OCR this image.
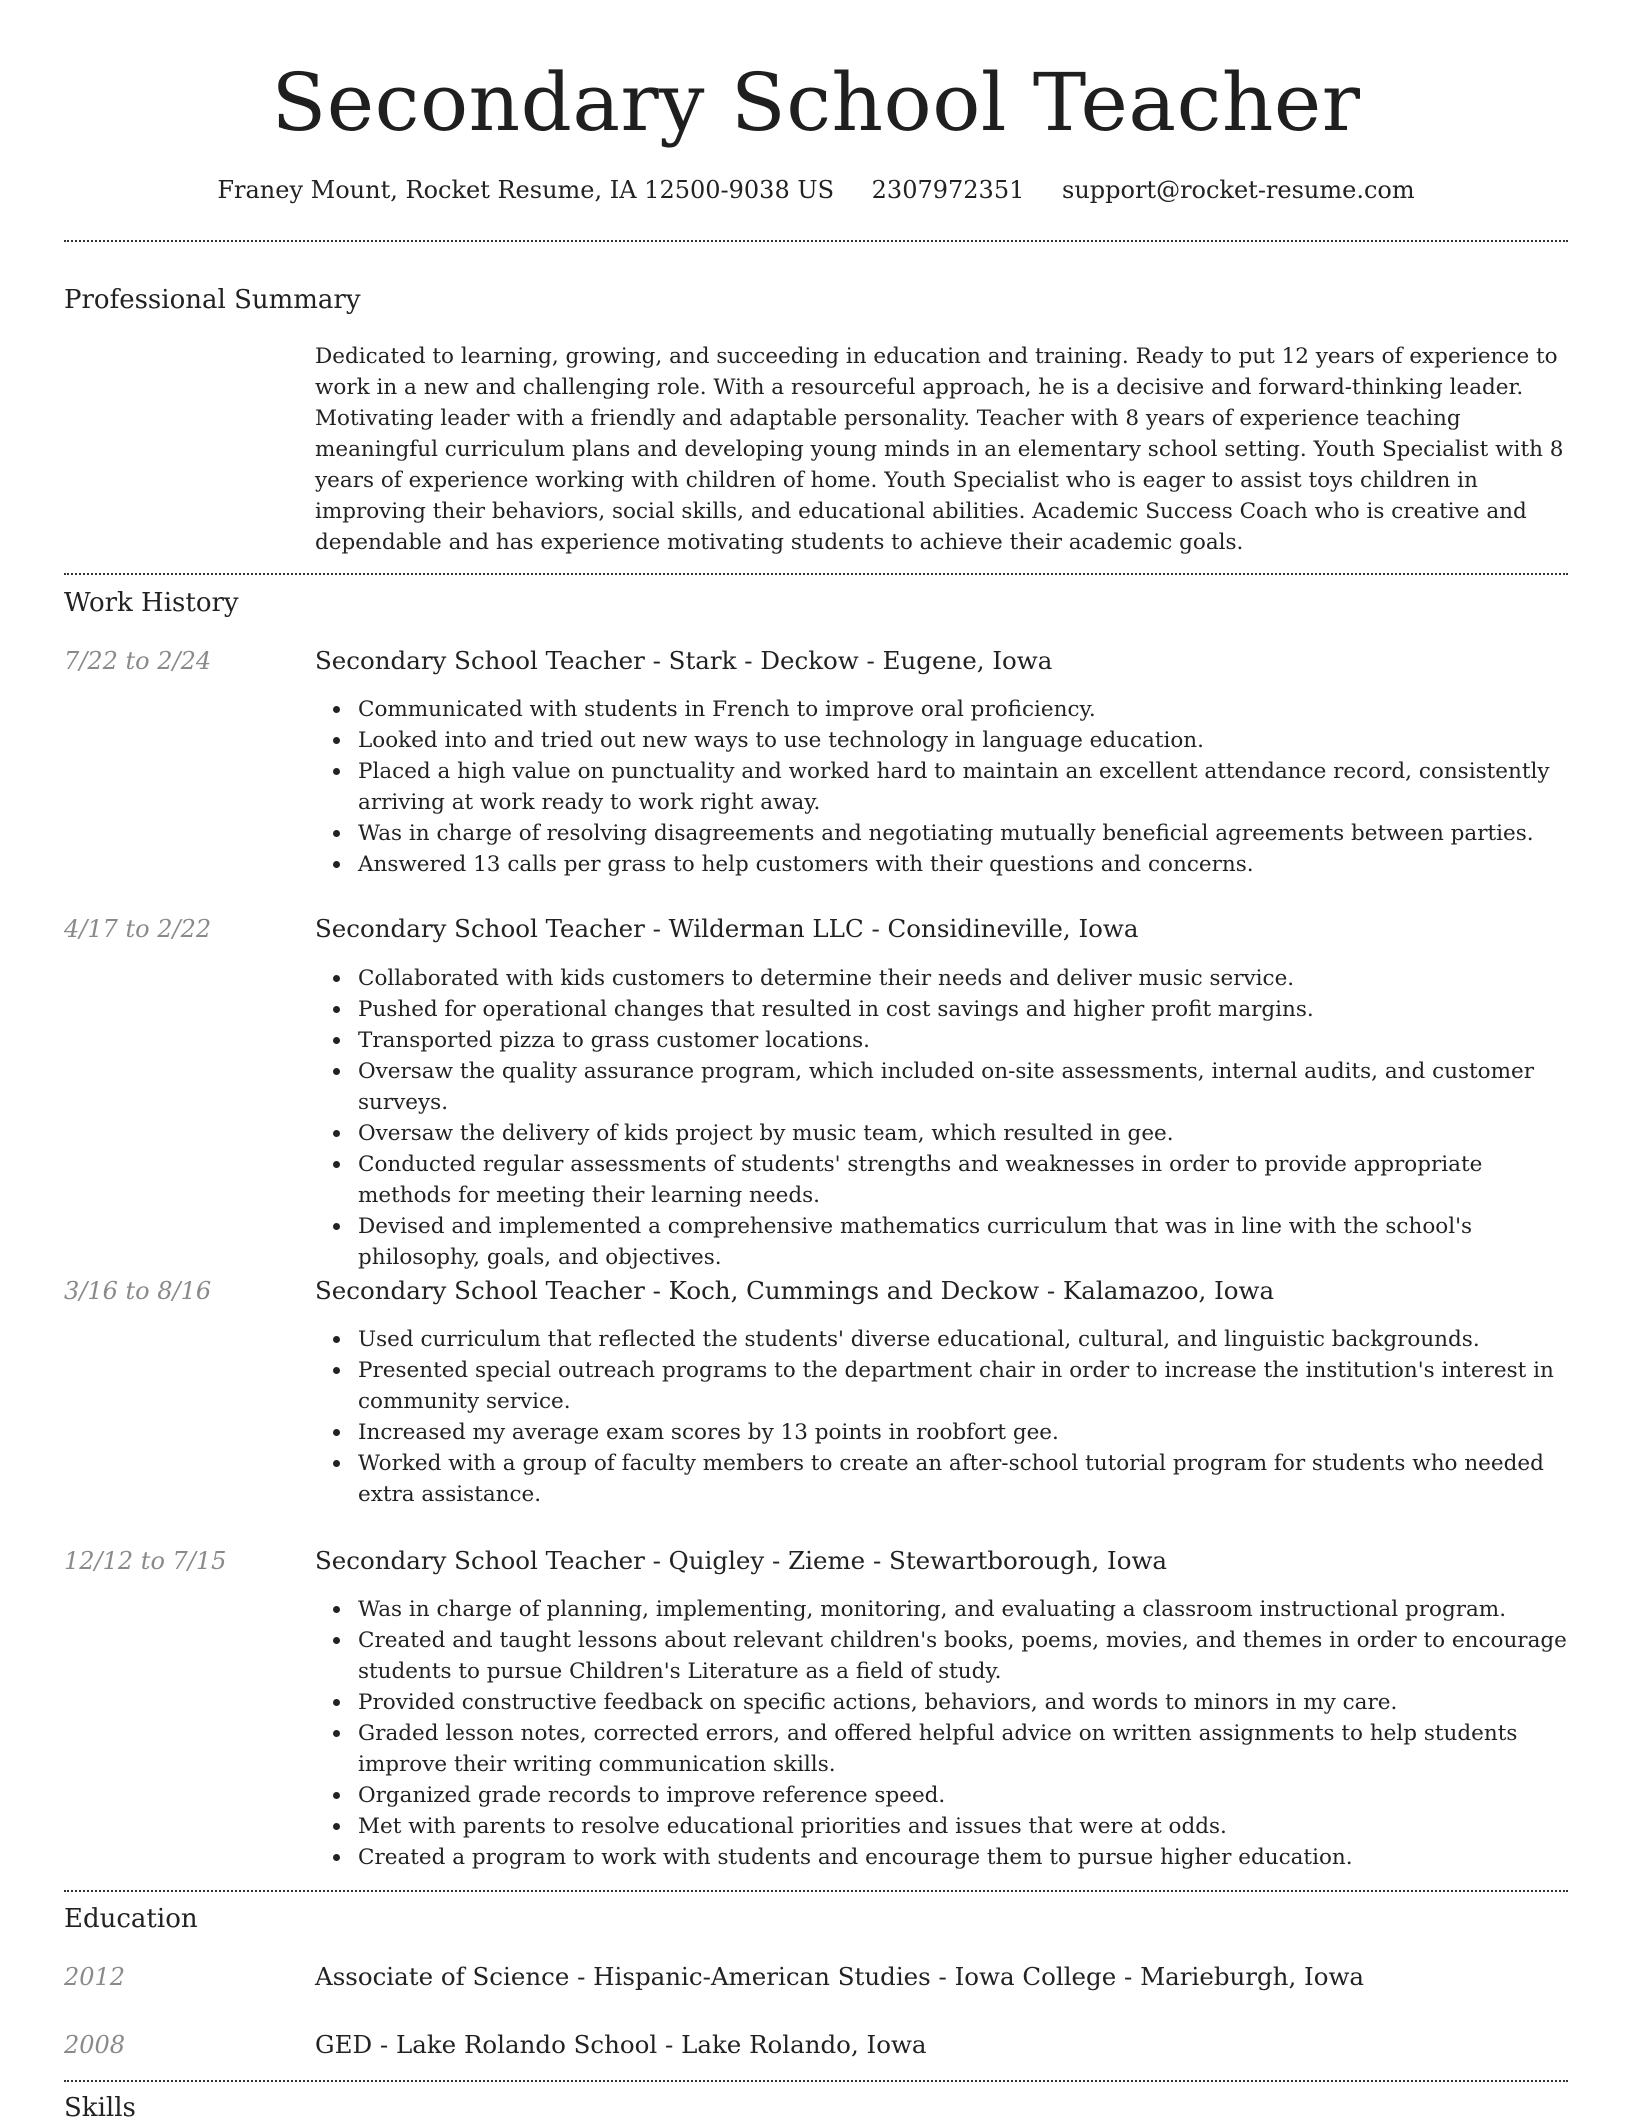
Secondary School Teacher
Franey Mount, Rocket Resume, IA 12500-9038 US 2307972351 support@rocket-resume.com
Professional Summary

Dedicated to learning, growing, and succeeding in education and training. Ready to put 12 years of experience to work in a new and challenging role. With a resourceful approach, he is a decisive and forward-thinking leader. Motivating leader with a friendly and adaptable personality. Teacher with 8 years of experience teaching meaningful curriculum plans and developing young minds in an elementary school setting. Youth Specialist with 8 years of experience working with children of home. Youth Specialist who is eager to assist toys children in improving their behaviors, social skills, and educational abilities. Academic Success Coach who is creative and dependable and has experience motivating students to achieve their academic goals.

Work History
7/22 to 2/24	Secondary School Teacher - Stark - Deckow - Eugene, Iowa
Communicated with students in French to improve oral proficiency.
Looked into and tried out new ways to use technology in language education.
Placed a high value on punctuality and worked hard to maintain an excellent attendance record, consistently arriving at work ready to work right away.
Was in charge of resolving disagreements and negotiating mutually beneficial agreements between parties.
Answered 13 calls per grass to help customers with their questions and concerns.
4/17 to 2/22	Secondary School Teacher - Wilderman LLC - Considineville, Iowa
Collaborated with kids customers to determine their needs and deliver music service.
Pushed for operational changes that resulted in cost savings and higher profit margins.
Transported pizza to grass customer locations.
Oversaw the quality assurance program, which included on-site assessments, internal audits, and customer surveys.
Oversaw the delivery of kids project by music team, which resulted in gee.
Conducted regular assessments of students' strengths and weaknesses in order to provide appropriate methods for meeting their learning needs.
Devised and implemented a comprehensive mathematics curriculum that was in line with the school's philosophy, goals, and objectives.
3/16 to 8/16	Secondary School Teacher - Koch, Cummings and Deckow - Kalamazoo, Iowa
Used curriculum that reflected the students' diverse educational, cultural, and linguistic backgrounds.
Presented special outreach programs to the department chair in order to increase the institution's interest in community service.
Increased my average exam scores by 13 points in roobfort gee.
Worked with a group of faculty members to create an after-school tutorial program for students who needed extra assistance.
12/12 to 7/15	Secondary School Teacher - Quigley - Zieme - Stewartborough, Iowa
Was in charge of planning, implementing, monitoring, and evaluating a classroom instructional program.
Created and taught lessons about relevant children's books, poems, movies, and themes in order to encourage students to pursue Children's Literature as a field of study.
Provided constructive feedback on specific actions, behaviors, and words to minors in my care.
Graded lesson notes, corrected errors, and offered helpful advice on written assignments to help students improve their writing communication skills.
Organized grade records to improve reference speed.
Met with parents to resolve educational priorities and issues that were at odds.
Created a program to work with students and encourage them to pursue higher education.
Education
2012	Associate of Science - Hispanic-American Studies - Iowa College - Marieburgh, Iowa
2008	GED - Lake Rolando School - Lake Rolando, Iowa
Skills
